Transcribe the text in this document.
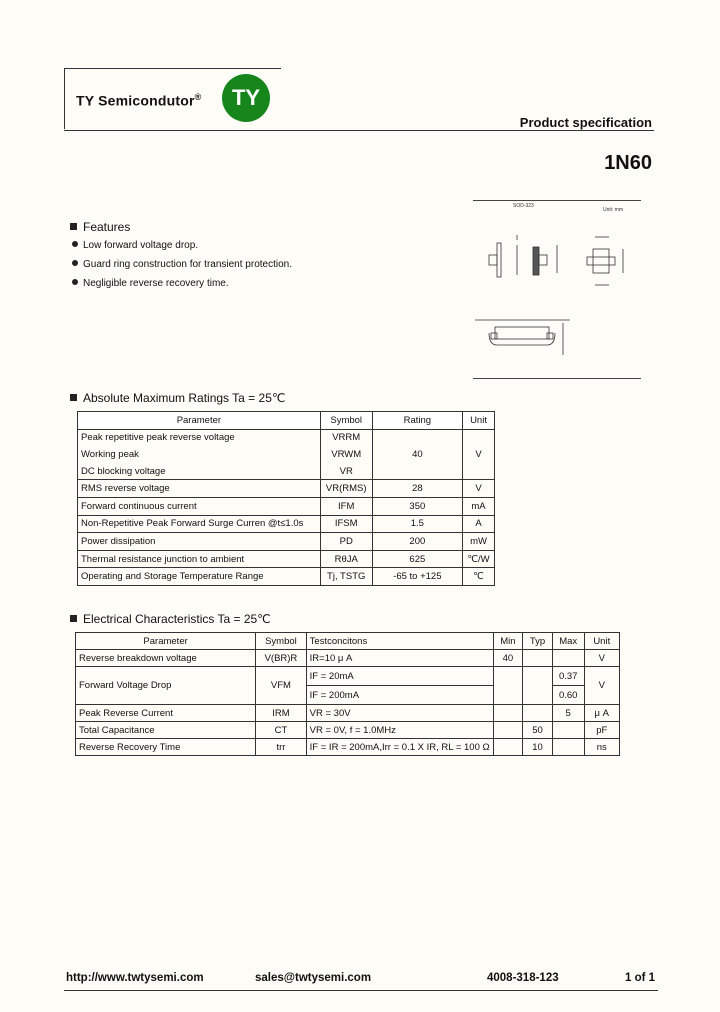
TY Semicondutor® TY
Product specification
1N60
Features
Low forward voltage drop.
Guard ring construction for transient protection.
Negligible reverse recovery time.
SOD-323
Unit: mm
Absolute Maximum Ratings Ta = 25℃
Parameter	Symbol	Rating	Unit
Peak repetitive peak reverse voltage	VRRM	40	V
Working peak	VRWM		
DC blocking voltage	VR		
RMS reverse voltage	VR(RMS)	28	V
Forward continuous current	IFM	350	mA
Non-Repetitive Peak Forward Surge Curren @t≤1.0s	IFSM	1.5	A
Power dissipation	PD	200	mW
Thermal resistance junction to ambient	RθJA	625	℃/W
Operating and Storage Temperature Range	Tj, TSTG	-65 to +125	℃
Electrical Characteristics Ta = 25℃
Parameter	Symbol	Testconcitons	Min	Typ	Max	Unit
Reverse breakdown voltage	V(BR)R	IR=10 μ A	40			V
Forward Voltage Drop	VFM	IF = 20mA			0.37	V
		IF = 200mA			0.60	
Peak Reverse Current	IRM	VR = 30V			5	μ A
Total Capacitance	CT	VR = 0V, f = 1.0MHz		50		pF
Reverse Recovery Time	trr	IF = IR = 200mA,Irr = 0.1 X IR, RL = 100 Ω		10		ns
http://www.twtysemi.com	sales@twtysemi.com	4008-318-123	1 of 1
